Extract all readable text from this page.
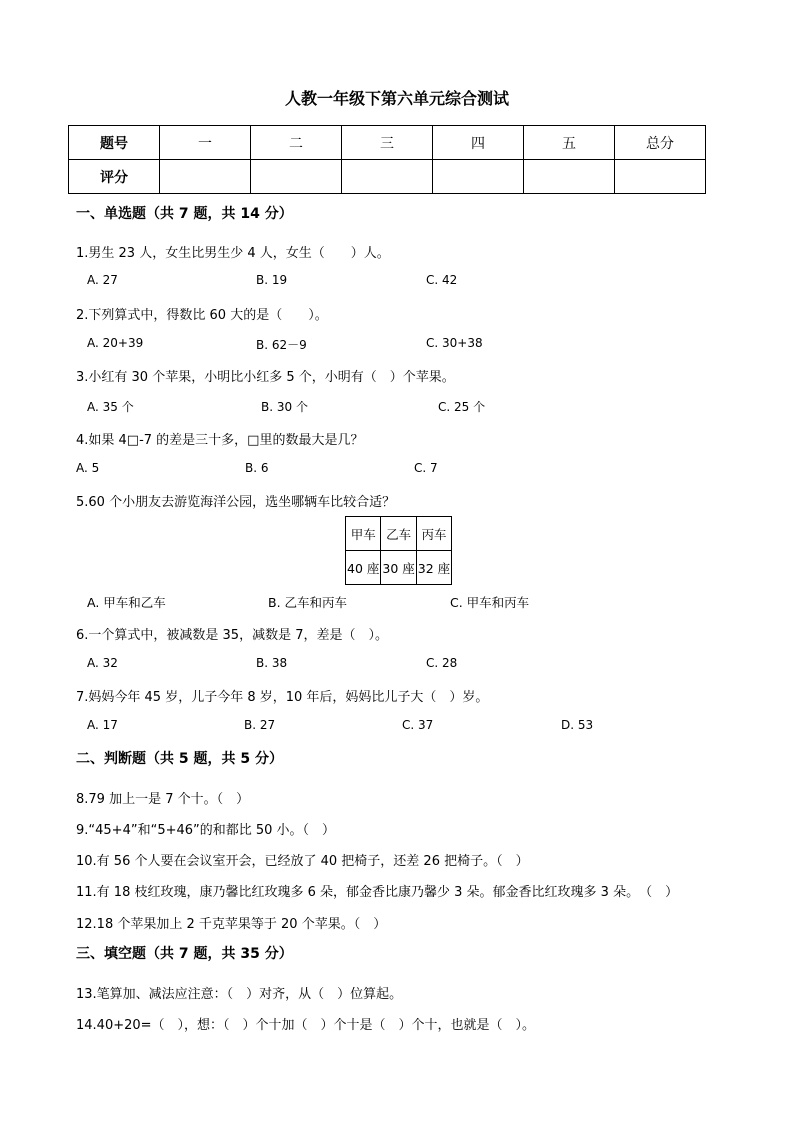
人教一年级下第六单元综合测试
题号	一	二	三	四	五	总分
评分						
一、单选题（共 7 题，共 14 分）
1.男生 23 人，女生比男生少 4 人，女生（　　）人。
A. 27	B. 19	C. 42
2.下列算式中，得数比 60 大的是（　　）。
A. 20+39	B. 62－9	C. 30+38
3.小红有 30 个苹果，小明比小红多 5 个，小明有（　）个苹果。
A. 35 个	B. 30 个	C. 25 个
4.如果 4□-7 的差是三十多，□里的数最大是几？
A. 5	B. 6	C. 7
5.60 个小朋友去游览海洋公园，选坐哪辆车比较合适？
甲车	乙车	丙车
40 座	30 座	32 座
A. 甲车和乙车	B. 乙车和丙车	C. 甲车和丙车
6.一个算式中，被减数是 35，减数是 7，差是（　）。
A. 32	B. 38	C. 28
7.妈妈今年 45 岁，儿子今年 8 岁，10 年后，妈妈比儿子大（　）岁。
A. 17	B. 27	C. 37	D. 53
二、判断题（共 5 题，共 5 分）
8.79 加上一是 7 个十。（　）
9.“45+4”和“5+46”的和都比 50 小。（　）
10.有 56 个人要在会议室开会，已经放了 40 把椅子，还差 26 把椅子。（　）
11.有 18 枝红玫瑰，康乃馨比红玫瑰多 6 朵，郁金香比康乃馨少 3 朵。郁金香比红玫瑰多 3 朵。　（　）
12.18 个苹果加上 2 千克苹果等于 20 个苹果。（　）
三、填空题（共 7 题，共 35 分）
13.笔算加、减法应注意：（　）对齐，从（　）位算起。
14.40+20=（　），想：（　）个十加（　）个十是（　）个十，也就是（　）。
